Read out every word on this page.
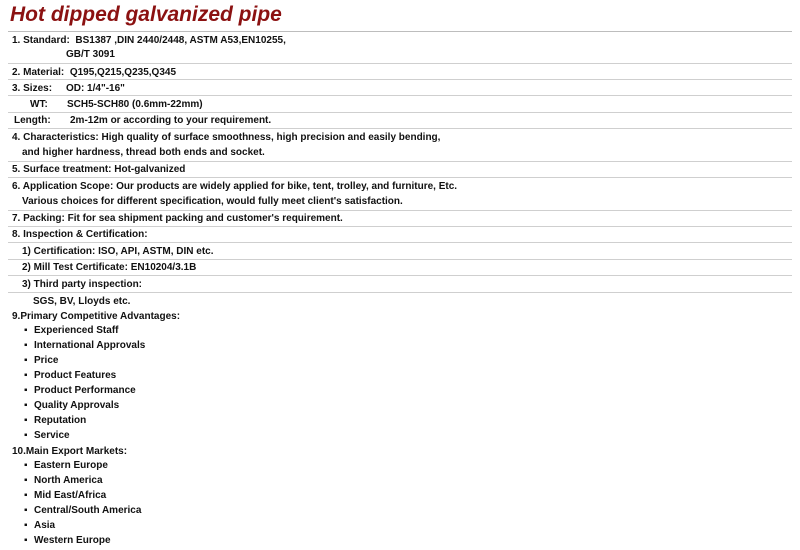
Hot dipped galvanized pipe
1. Standard: BS1387 ,DIN 2440/2448, ASTM A53,EN10255,
GB/T 3091
2. Material: Q195,Q215,Q235,Q345
3. Sizes: OD: 1/4"-16"
WT: SCH5-SCH80 (0.6mm-22mm)
Length: 2m-12m or according to your requirement.
4. Characteristics: High quality of surface smoothness, high precision and easily bending,
and higher hardness, thread both ends and socket.
5. Surface treatment: Hot-galvanized
6. Application Scope: Our products are widely applied for bike, tent, trolley, and furniture, Etc.
Various choices for different specification, would fully meet client's satisfaction.
7. Packing: Fit for sea shipment packing and customer's requirement.
8. Inspection & Certification:
1) Certification: ISO, API, ASTM, DIN etc.
2) Mill Test Certificate: EN10204/3.1B
3) Third party inspection:
SGS, BV, Lloyds etc.
9.Primary Competitive Advantages:
▪ Experienced Staff
▪ International Approvals
▪ Price
▪ Product Features
▪ Product Performance
▪ Quality Approvals
▪ Reputation
▪ Service
10.Main Export Markets:
▪ Eastern Europe
▪ North America
▪ Mid East/Africa
▪ Central/South America
▪ Asia
▪ Western Europe
